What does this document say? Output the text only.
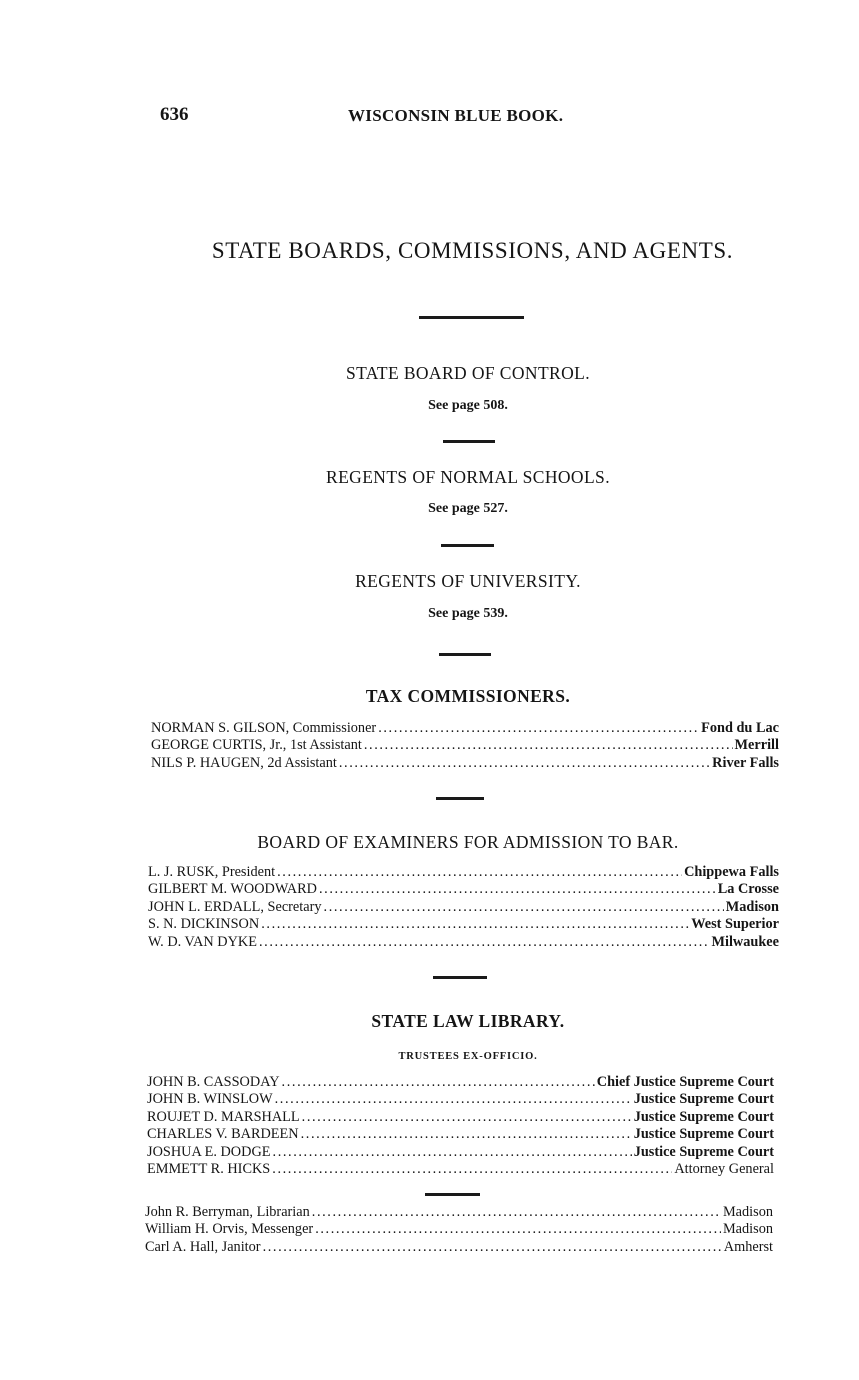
636	WISCONSIN BLUE BOOK.
STATE BOARDS, COMMISSIONS, AND AGENTS.
STATE BOARD OF CONTROL.
See page 508.
REGENTS OF NORMAL SCHOOLS.
See page 527.
REGENTS OF UNIVERSITY.
See page 539.
TAX COMMISSIONERS.
NORMAN S. GILSON, Commissioner .....	Fond du Lac
GEORGE CURTIS, Jr., 1st Assistant .....	Merrill
NILS P. HAUGEN, 2d Assistant .....	River Falls
BOARD OF EXAMINERS FOR ADMISSION TO BAR.
L. J. RUSK, President .....	Chippewa Falls
GILBERT M. WOODWARD .....	La Crosse
JOHN L. ERDALL, Secretary .....	Madison
S. N. DICKINSON .....	West Superior
W. D. VAN DYKE .....	Milwaukee
STATE LAW LIBRARY.
TRUSTEES EX-OFFICIO.
JOHN B. CASSODAY .....	Chief Justice Supreme Court
JOHN B. WINSLOW .....	Justice Supreme Court
ROUJET D. MARSHALL .....	Justice Supreme Court
CHARLES V. BARDEEN .....	Justice Supreme Court
JOSHUA E. DODGE .....	Justice Supreme Court
EMMETT R. HICKS .....	Attorney General
John R. Berryman, Librarian .....	Madison
William H. Orvis, Messenger .....	Madison
Carl A. Hall, Janitor .....	Amherst
